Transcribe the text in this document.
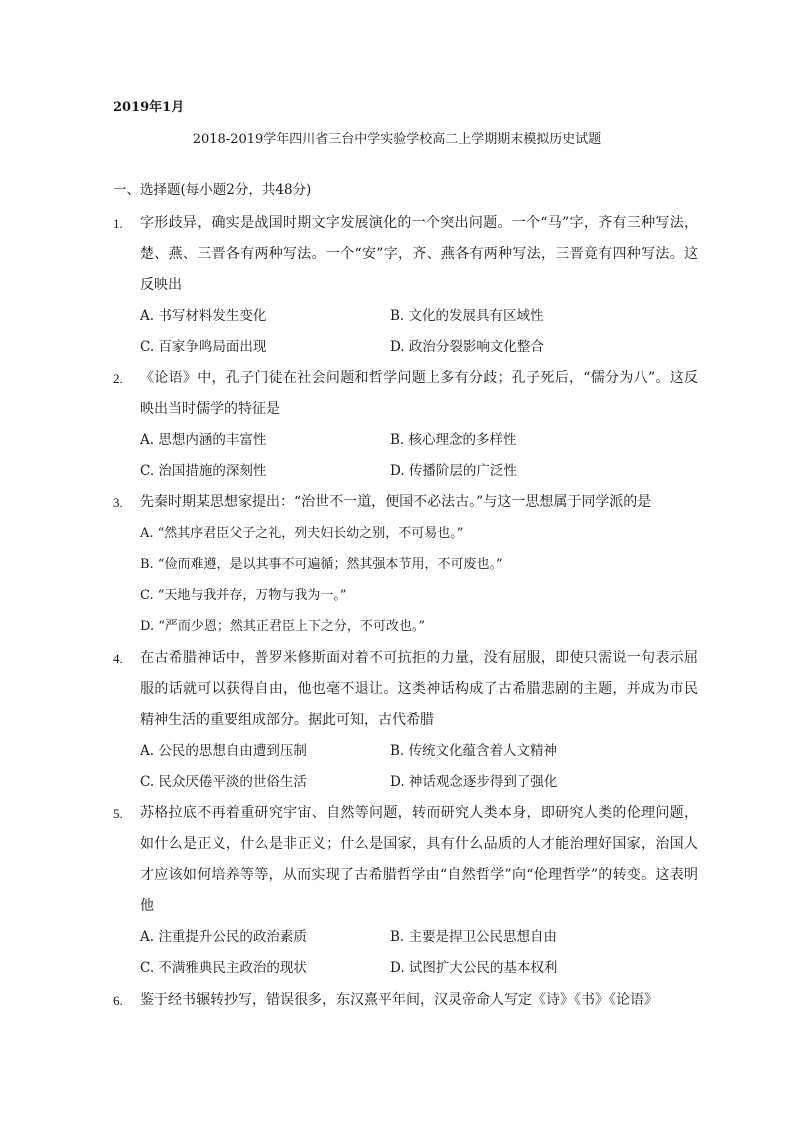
2019年1月
2018-2019学年四川省三台中学实验学校高二上学期期末模拟历史试题
一、选择题(每小题2分，共48分)
1.	字形歧异，确实是战国时期文字发展演化的一个突出问题。一个“马”字，齐有三种写法，楚、燕、三晋各有两种写法。一个“安”字，齐、燕各有两种写法，三晋竟有四种写法。这反映出
A. 书写材料发生变化	B. 文化的发展具有区域性
C. 百家争鸣局面出现	D. 政治分裂影响文化整合
2.	《论语》中，孔子门徒在社会问题和哲学问题上多有分歧；孔子死后，“儒分为八”。这反映出当时儒学的特征是
A. 思想内涵的丰富性	B. 核心理念的多样性
C. 治国措施的深刻性	D. 传播阶层的广泛性
3.	先秦时期某思想家提出：“治世不一道，便国不必法古。”与这一思想属于同学派的是
A. “然其序君臣父子之礼，列夫妇长幼之别，不可易也。”
B. “俭而难遵，是以其事不可遍循；然其强本节用，不可废也。”
C. “天地与我并存，万物与我为一。”
D. “严而少恩；然其正君臣上下之分，不可改也。”
4.	在古希腊神话中，普罗米修斯面对着不可抗拒的力量，没有屈服，即使只需说一句表示屈服的话就可以获得自由，他也毫不退让。这类神话构成了古希腊悲剧的主题，并成为市民精神生活的重要组成部分。据此可知，古代希腊
A. 公民的思想自由遭到压制	B. 传统文化蕴含着人文精神
C. 民众厌倦平淡的世俗生活	D. 神话观念逐步得到了强化
5.	苏格拉底不再着重研究宇宙、自然等问题，转而研究人类本身，即研究人类的伦理问题，如什么是正义，什么是非正义；什么是国家，具有什么品质的人才能治理好国家，治国人才应该如何培养等等，从而实现了古希腊哲学由“自然哲学”向“伦理哲学”的转变。这表明他
A. 注重提升公民的政治素质	B. 主要是捍卫公民思想自由
C. 不满雅典民主政治的现状	D. 试图扩大公民的基本权利
6.	鉴于经书辗转抄写，错误很多，东汉熹平年间，汉灵帝命人写定《诗》《书》《论语》
